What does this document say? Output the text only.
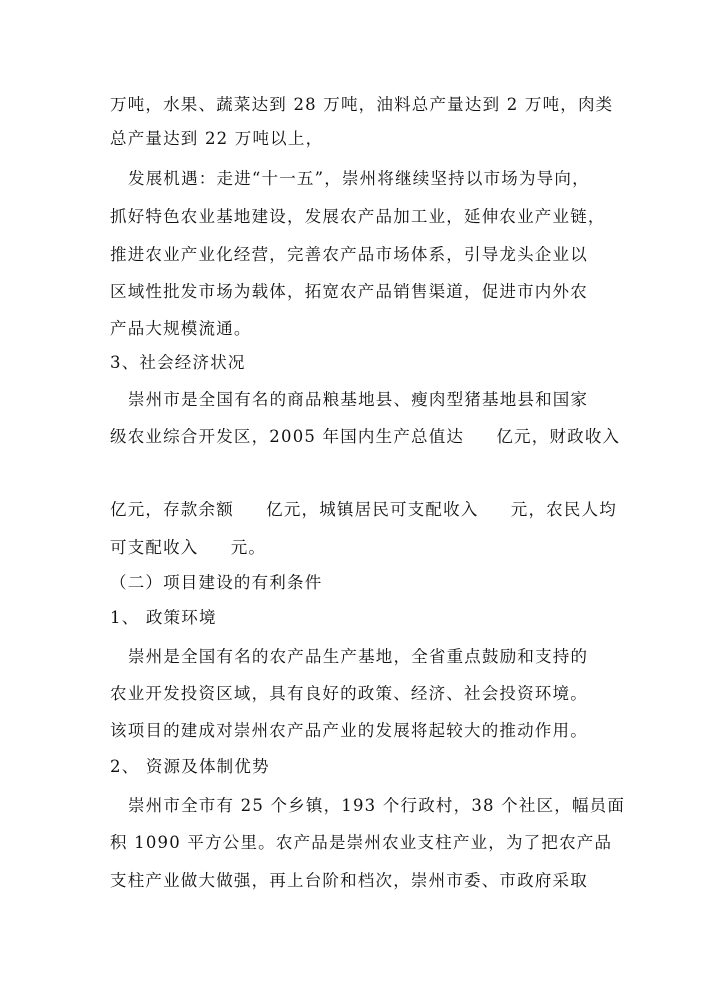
万吨，水果、蔬菜达到 28 万吨，油料总产量达到 2 万吨，肉类
总产量达到 22 万吨以上，
发展机遇：走进“十一五”，崇州将继续坚持以市场为导向，
抓好特色农业基地建设，发展农产品加工业，延伸农业产业链，
推进农业产业化经营，完善农产品市场体系，引导龙头企业以
区域性批发市场为载体，拓宽农产品销售渠道，促进市内外农
产品大规模流通。
3、社会经济状况
崇州市是全国有名的商品粮基地县、瘦肉型猪基地县和国家
级农业综合开发区，2005 年国内生产总值达     亿元，财政收入
亿元，存款余额     亿元，城镇居民可支配收入     元，农民人均
可支配收入     元。
（二）项目建设的有利条件
1、 政策环境
崇州是全国有名的农产品生产基地，全省重点鼓励和支持的
农业开发投资区域，具有良好的政策、经济、社会投资环境。
该项目的建成对崇州农产品产业的发展将起较大的推动作用。
2、 资源及体制优势
崇州市全市有 25 个乡镇，193 个行政村，38 个社区，幅员面
积 1090 平方公里。农产品是崇州农业支柱产业，为了把农产品
支柱产业做大做强，再上台阶和档次，崇州市委、市政府采取
